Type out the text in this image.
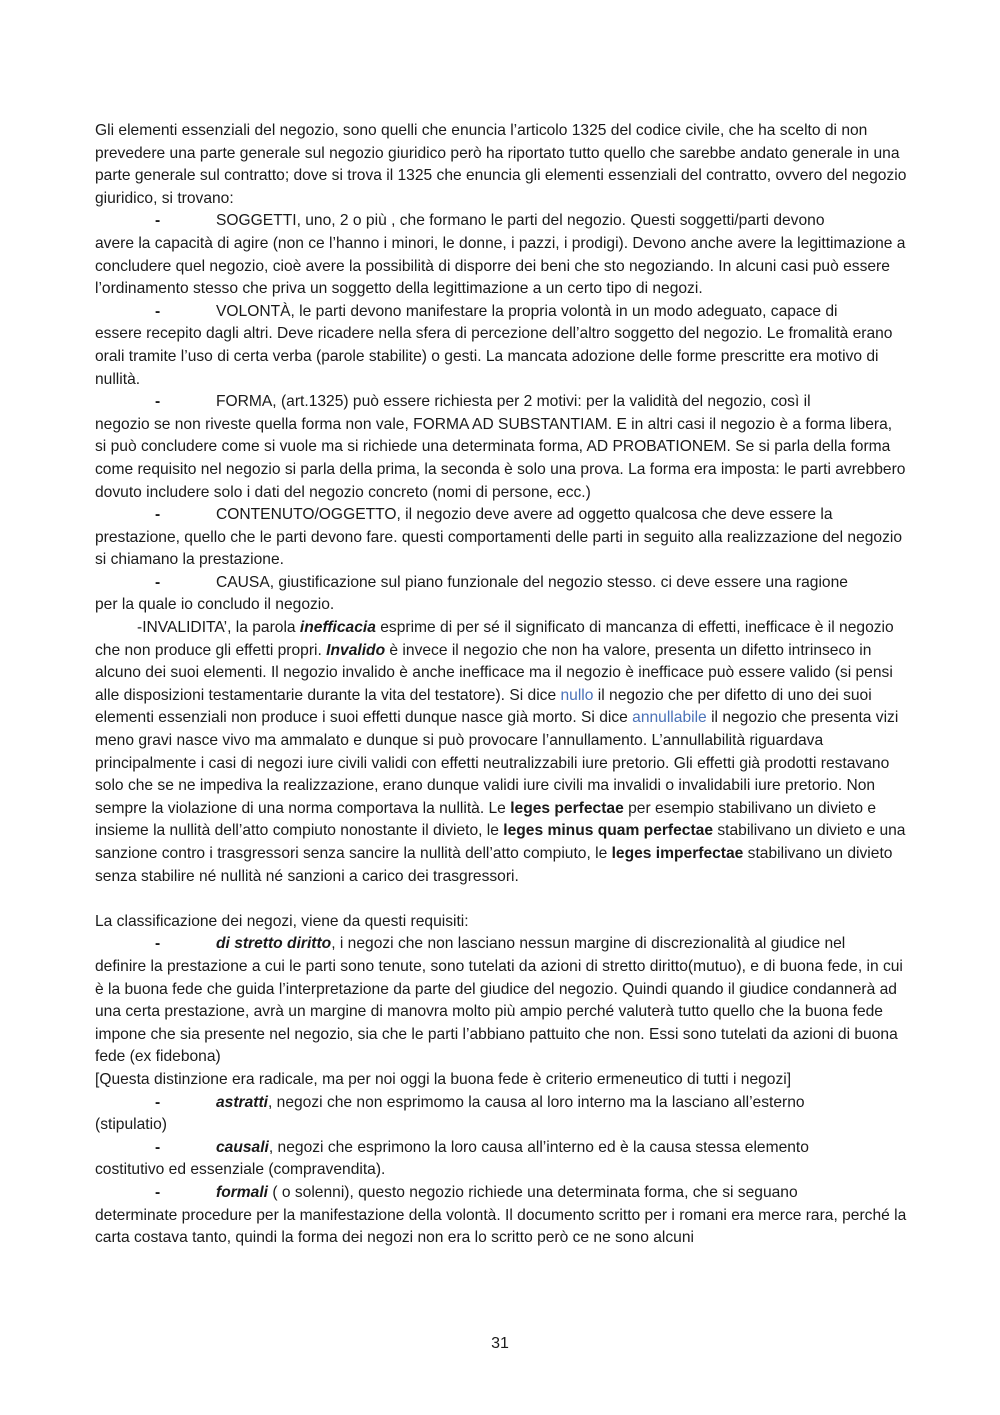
Gli elementi essenziali del negozio, sono quelli che enuncia l’articolo 1325 del codice civile, che ha scelto di non prevedere una parte generale sul negozio giuridico però ha riportato tutto quello che sarebbe andato generale in una parte generale sul contratto; dove si trova il 1325 che enuncia gli elementi essenziali del contratto, ovvero del negozio giuridico, si trovano:

-	SOGGETTI, uno, 2 o più , che formano le parti del negozio. Questi soggetti/parti devono
avere la capacità di agire (non ce l’hanno i minori, le donne, i pazzi, i prodigi). Devono anche avere la legittimazione a concludere quel negozio, cioè avere la possibilità di disporre dei beni che sto negoziando. In alcuni casi può essere l’ordinamento stesso che priva un soggetto della legittimazione a un certo tipo di negozi.
-	VOLONTÀ, le parti devono manifestare la propria volontà in un modo adeguato, capace di
essere recepito dagli altri. Deve ricadere nella sfera di percezione dell’altro soggetto del negozio. Le fromalità erano orali tramite l’uso di certa verba (parole stabilite) o gesti. La mancata adozione delle forme prescritte era motivo di nullità.
-	FORMA, (art.1325) può essere richiesta per 2 motivi: per la validità del negozio, così il
negozio se non riveste quella forma non vale, FORMA AD SUBSTANTIAM. E in altri casi il negozio è a forma libera, si può concludere come si vuole ma si richiede una determinata forma, AD PROBATIONEM. Se si parla della forma come requisito nel negozio si parla della prima, la seconda è solo una prova. La forma era imposta: le parti avrebbero dovuto includere solo i dati del negozio concreto (nomi di persone, ecc.)
-	CONTENUTO/OGGETTO, il negozio deve avere ad oggetto qualcosa che deve essere la
prestazione, quello che le parti devono fare. questi comportamenti delle parti in seguito alla realizzazione del negozio si chiamano la prestazione.
-	CAUSA, giustificazione sul piano funzionale del negozio stesso. ci deve essere una ragione
per la quale io concludo il negozio.

-INVALIDITA’, la parola inefficacia esprime di per sé il significato di mancanza di effetti, inefficace è il negozio che non produce gli effetti propri. Invalido è invece il negozio che non ha valore, presenta un difetto intrinseco in alcuno dei suoi elementi. Il negozio invalido è anche inefficace ma il negozio è inefficace può essere valido (si pensi alle disposizioni testamentarie durante la vita del testatore). Si dice nullo il negozio che per difetto di uno dei suoi elementi essenziali non produce i suoi effetti dunque nasce già morto. Si dice annullabile il negozio che presenta vizi meno gravi nasce vivo ma ammalato e dunque si può provocare l’annullamento. L’annullabilità riguardava principalmente i casi di negozi iure civili validi con effetti neutralizzabili iure pretorio. Gli effetti già prodotti restavano solo che se ne impediva la realizzazione, erano dunque validi iure civili ma invalidi o invalidabili iure pretorio. Non sempre la violazione di una norma comportava la nullità. Le leges perfectae per esempio stabilivano un divieto e insieme la nullità dell’atto compiuto nonostante il divieto, le leges minus quam perfectae stabilivano un divieto e una sanzione contro i trasgressori senza sancire la nullità dell’atto compiuto, le leges imperfectae stabilivano un divieto senza stabilire né nullità né sanzioni a carico dei trasgressori.

La classificazione dei negozi, viene da questi requisiti:

-	di stretto diritto, i negozi che non lasciano nessun margine di discrezionalità al giudice nel
definire la prestazione a cui le parti sono tenute, sono tutelati da azioni di stretto diritto(mutuo), e di buona fede, in cui è la buona fede che guida l’interpretazione da parte del giudice del negozio. Quindi quando il giudice condannerà ad una certa prestazione, avrà un margine di manovra molto più ampio perché valuterà tutto quello che la buona fede impone che sia presente nel negozio, sia che le parti l’abbiano pattuito che non. Essi sono tutelati da azioni di buona fede (ex fidebona)

[Questa distinzione era radicale, ma per noi oggi la buona fede è criterio ermeneutico di tutti i negozi]

-	astratti, negozi che non esprimomo la causa al loro interno ma la lasciano all’esterno
(stipulatio)
-	causali, negozi che esprimono la loro causa all’interno ed è la causa stessa elemento
costitutivo ed essenziale (compravendita).
-	formali ( o solenni), questo negozio richiede una determinata forma, che si seguano
determinate procedure per la manifestazione della volontà. Il documento scritto per i romani era merce rara, perché la carta costava tanto, quindi la forma dei negozi non era lo scritto però ce ne sono alcuni
31
